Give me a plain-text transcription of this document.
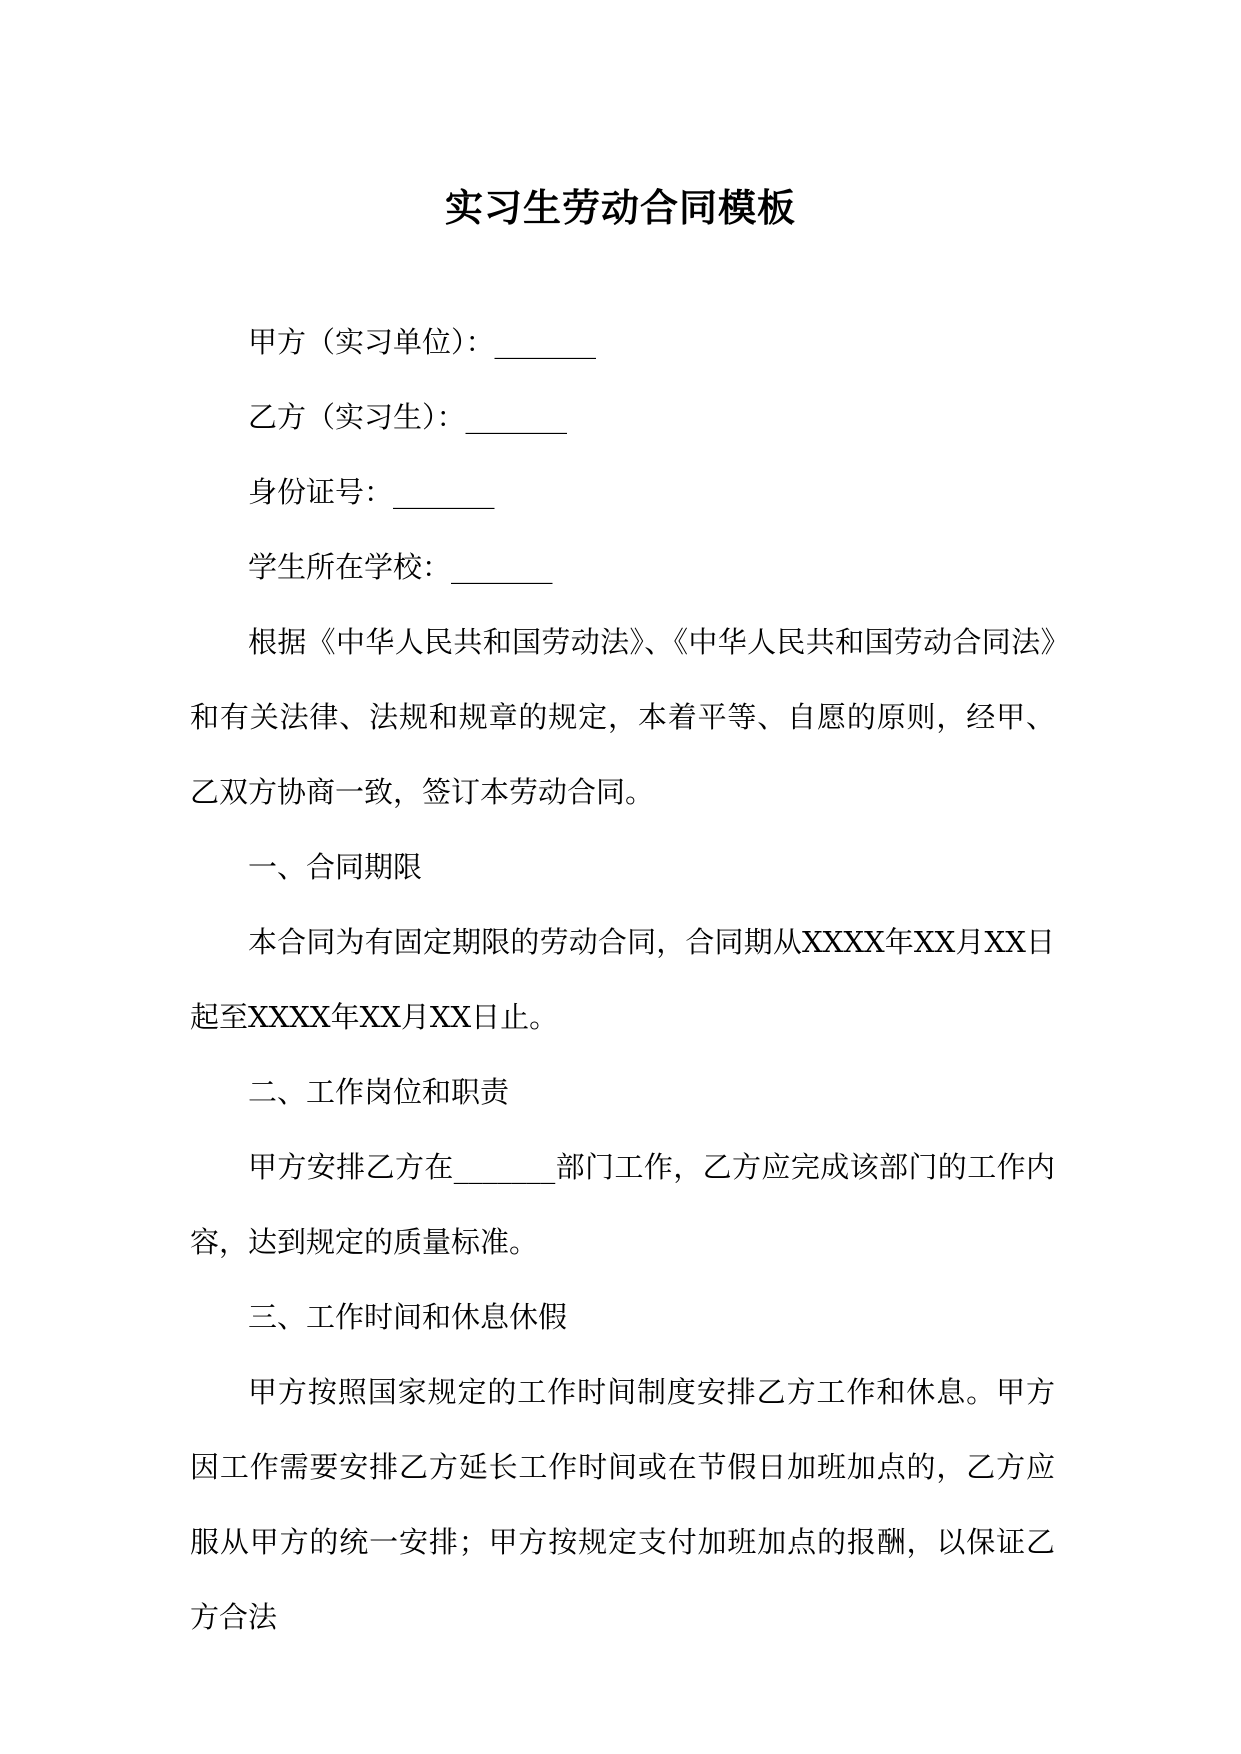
实习生劳动合同模板

甲方（实习单位）：_______

乙方（实习生）：_______

身份证号：_______

学生所在学校：_______

根据《中华人民共和国劳动法》、《中华人民共和国劳动合同法》和有关法律、法规和规章的规定，本着平等、自愿的原则，经甲、乙双方协商一致，签订本劳动合同。

一、合同期限

本合同为有固定期限的劳动合同，合同期从XXXX年XX月XX日起至XXXX年XX月XX日止。

二、工作岗位和职责

甲方安排乙方在_______部门工作，乙方应完成该部门的工作内容，达到规定的质量标准。

三、工作时间和休息休假

甲方按照国家规定的工作时间制度安排乙方工作和休息。甲方因工作需要安排乙方延长工作时间或在节假日加班加点的，乙方应服从甲方的统一安排；甲方按规定支付加班加点的报酬，以保证乙方合法
